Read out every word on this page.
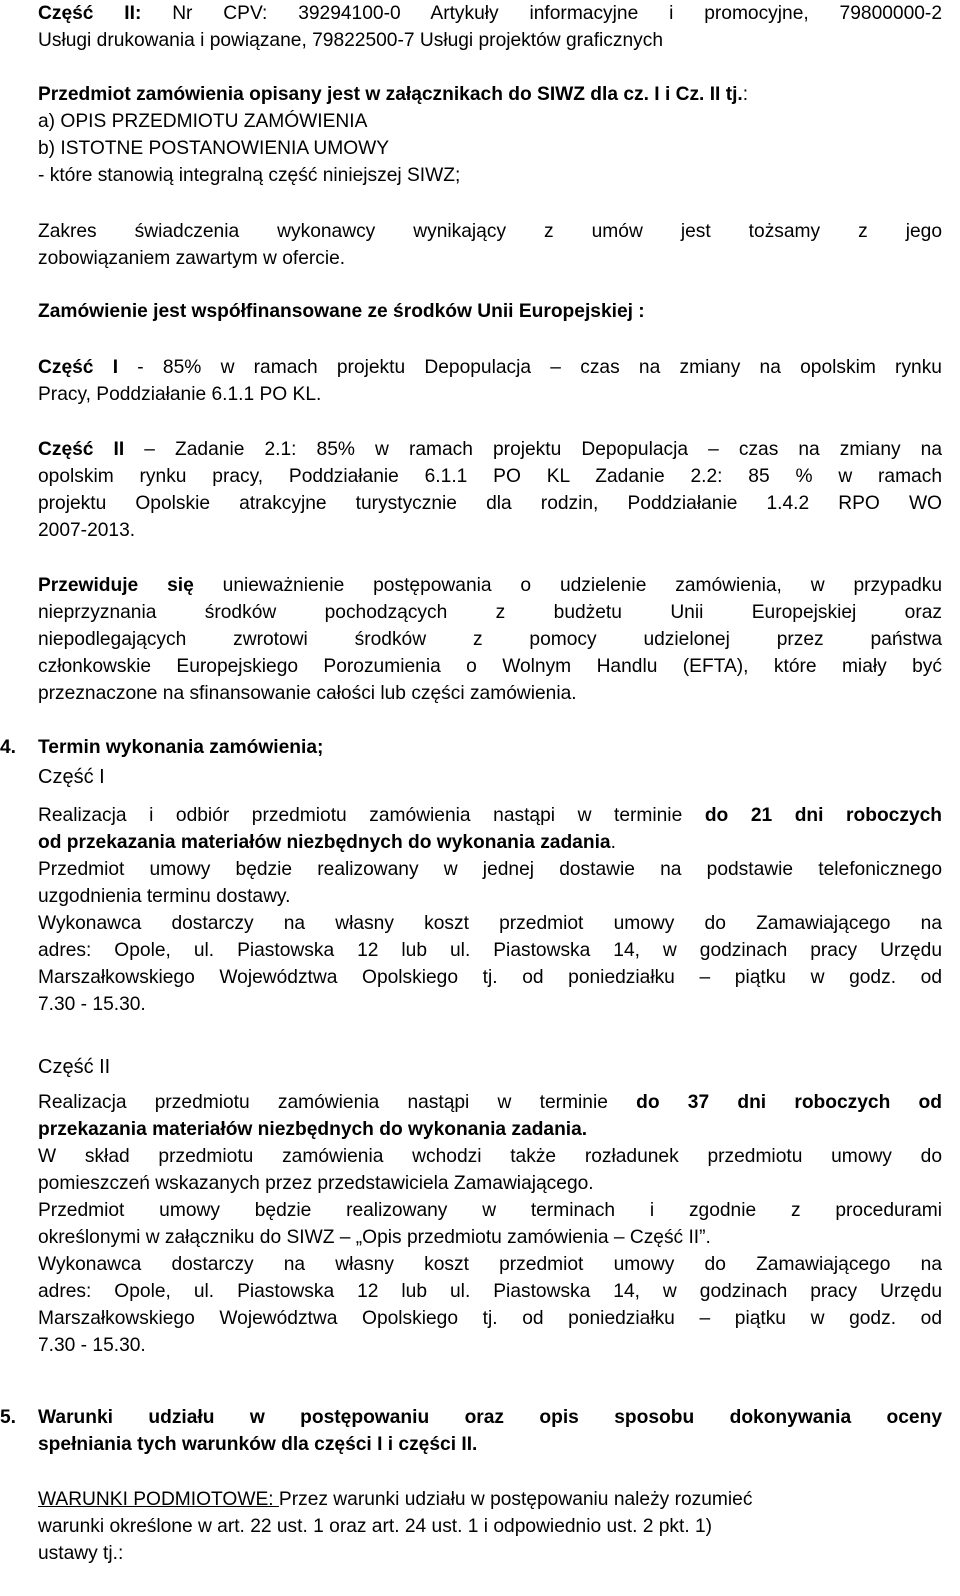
Część II: Nr CPV: 39294100-0 Artykuły informacyjne i promocyjne, 79800000-2
Usługi drukowania i powiązane, 79822500-7 Usługi projektów graficznych
Przedmiot zamówienia opisany jest w załącznikach do SIWZ dla cz. I i Cz. II tj.:
a) OPIS PRZEDMIOTU ZAMÓWIENIA
b) ISTOTNE POSTANOWIENIA UMOWY
- które stanowią integralną część niniejszej SIWZ;
Zakres świadczenia wykonawcy wynikający z umów jest tożsamy z jego
zobowiązaniem zawartym w ofercie.
Zamówienie jest współfinansowane ze środków Unii Europejskiej :
Część I - 85% w ramach projektu Depopulacja – czas na zmiany na opolskim rynku
Pracy, Poddziałanie 6.1.1 PO KL.
Część II – Zadanie 2.1: 85% w ramach projektu Depopulacja – czas na zmiany na
opolskim rynku pracy, Poddziałanie 6.1.1 PO KL Zadanie 2.2: 85 % w ramach
projektu Opolskie atrakcyjne turystycznie dla rodzin, Poddziałanie 1.4.2 RPO WO
2007-2013.
Przewiduje się unieważnienie postępowania o udzielenie zamówienia, w przypadku
nieprzyznania środków pochodzących z budżetu Unii Europejskiej oraz
niepodlegających zwrotowi środków z pomocy udzielonej przez państwa
członkowskie Europejskiego Porozumienia o Wolnym Handlu (EFTA), które miały być
przeznaczone na sfinansowanie całości lub części zamówienia.
4. Termin wykonania zamówienia;
Część I
Realizacja i odbiór przedmiotu zamówienia nastąpi w terminie do 21 dni roboczych
od przekazania materiałów niezbędnych do wykonania zadania.
Przedmiot umowy będzie realizowany w jednej dostawie na podstawie telefonicznego
uzgodnienia terminu dostawy.
Wykonawca dostarczy na własny koszt przedmiot umowy do Zamawiającego na
adres: Opole, ul. Piastowska 12 lub ul. Piastowska 14, w godzinach pracy Urzędu
Marszałkowskiego Województwa Opolskiego tj. od poniedziałku – piątku w godz. od
7.30 - 15.30.
Część II
Realizacja przedmiotu zamówienia nastąpi w terminie do 37 dni roboczych od
przekazania materiałów niezbędnych do wykonania zadania.
W skład przedmiotu zamówienia wchodzi także rozładunek przedmiotu umowy do
pomieszczeń wskazanych przez przedstawiciela Zamawiającego.
Przedmiot umowy będzie realizowany w terminach i zgodnie z procedurami
określonymi w załączniku do SIWZ – „Opis przedmiotu zamówienia – Część II”.
Wykonawca dostarczy na własny koszt przedmiot umowy do Zamawiającego na
adres: Opole, ul. Piastowska 12 lub ul. Piastowska 14, w godzinach pracy Urzędu
Marszałkowskiego Województwa Opolskiego tj. od poniedziałku – piątku w godz. od
7.30 - 15.30.
5. Warunki udziału w postępowaniu oraz opis sposobu dokonywania oceny
spełniania tych warunków dla części I i części II.
WARUNKI PODMIOTOWE: Przez warunki udziału w postępowaniu należy rozumieć
warunki określone w art. 22 ust. 1 oraz art. 24 ust. 1 i odpowiednio ust. 2 pkt. 1)
ustawy tj.:
